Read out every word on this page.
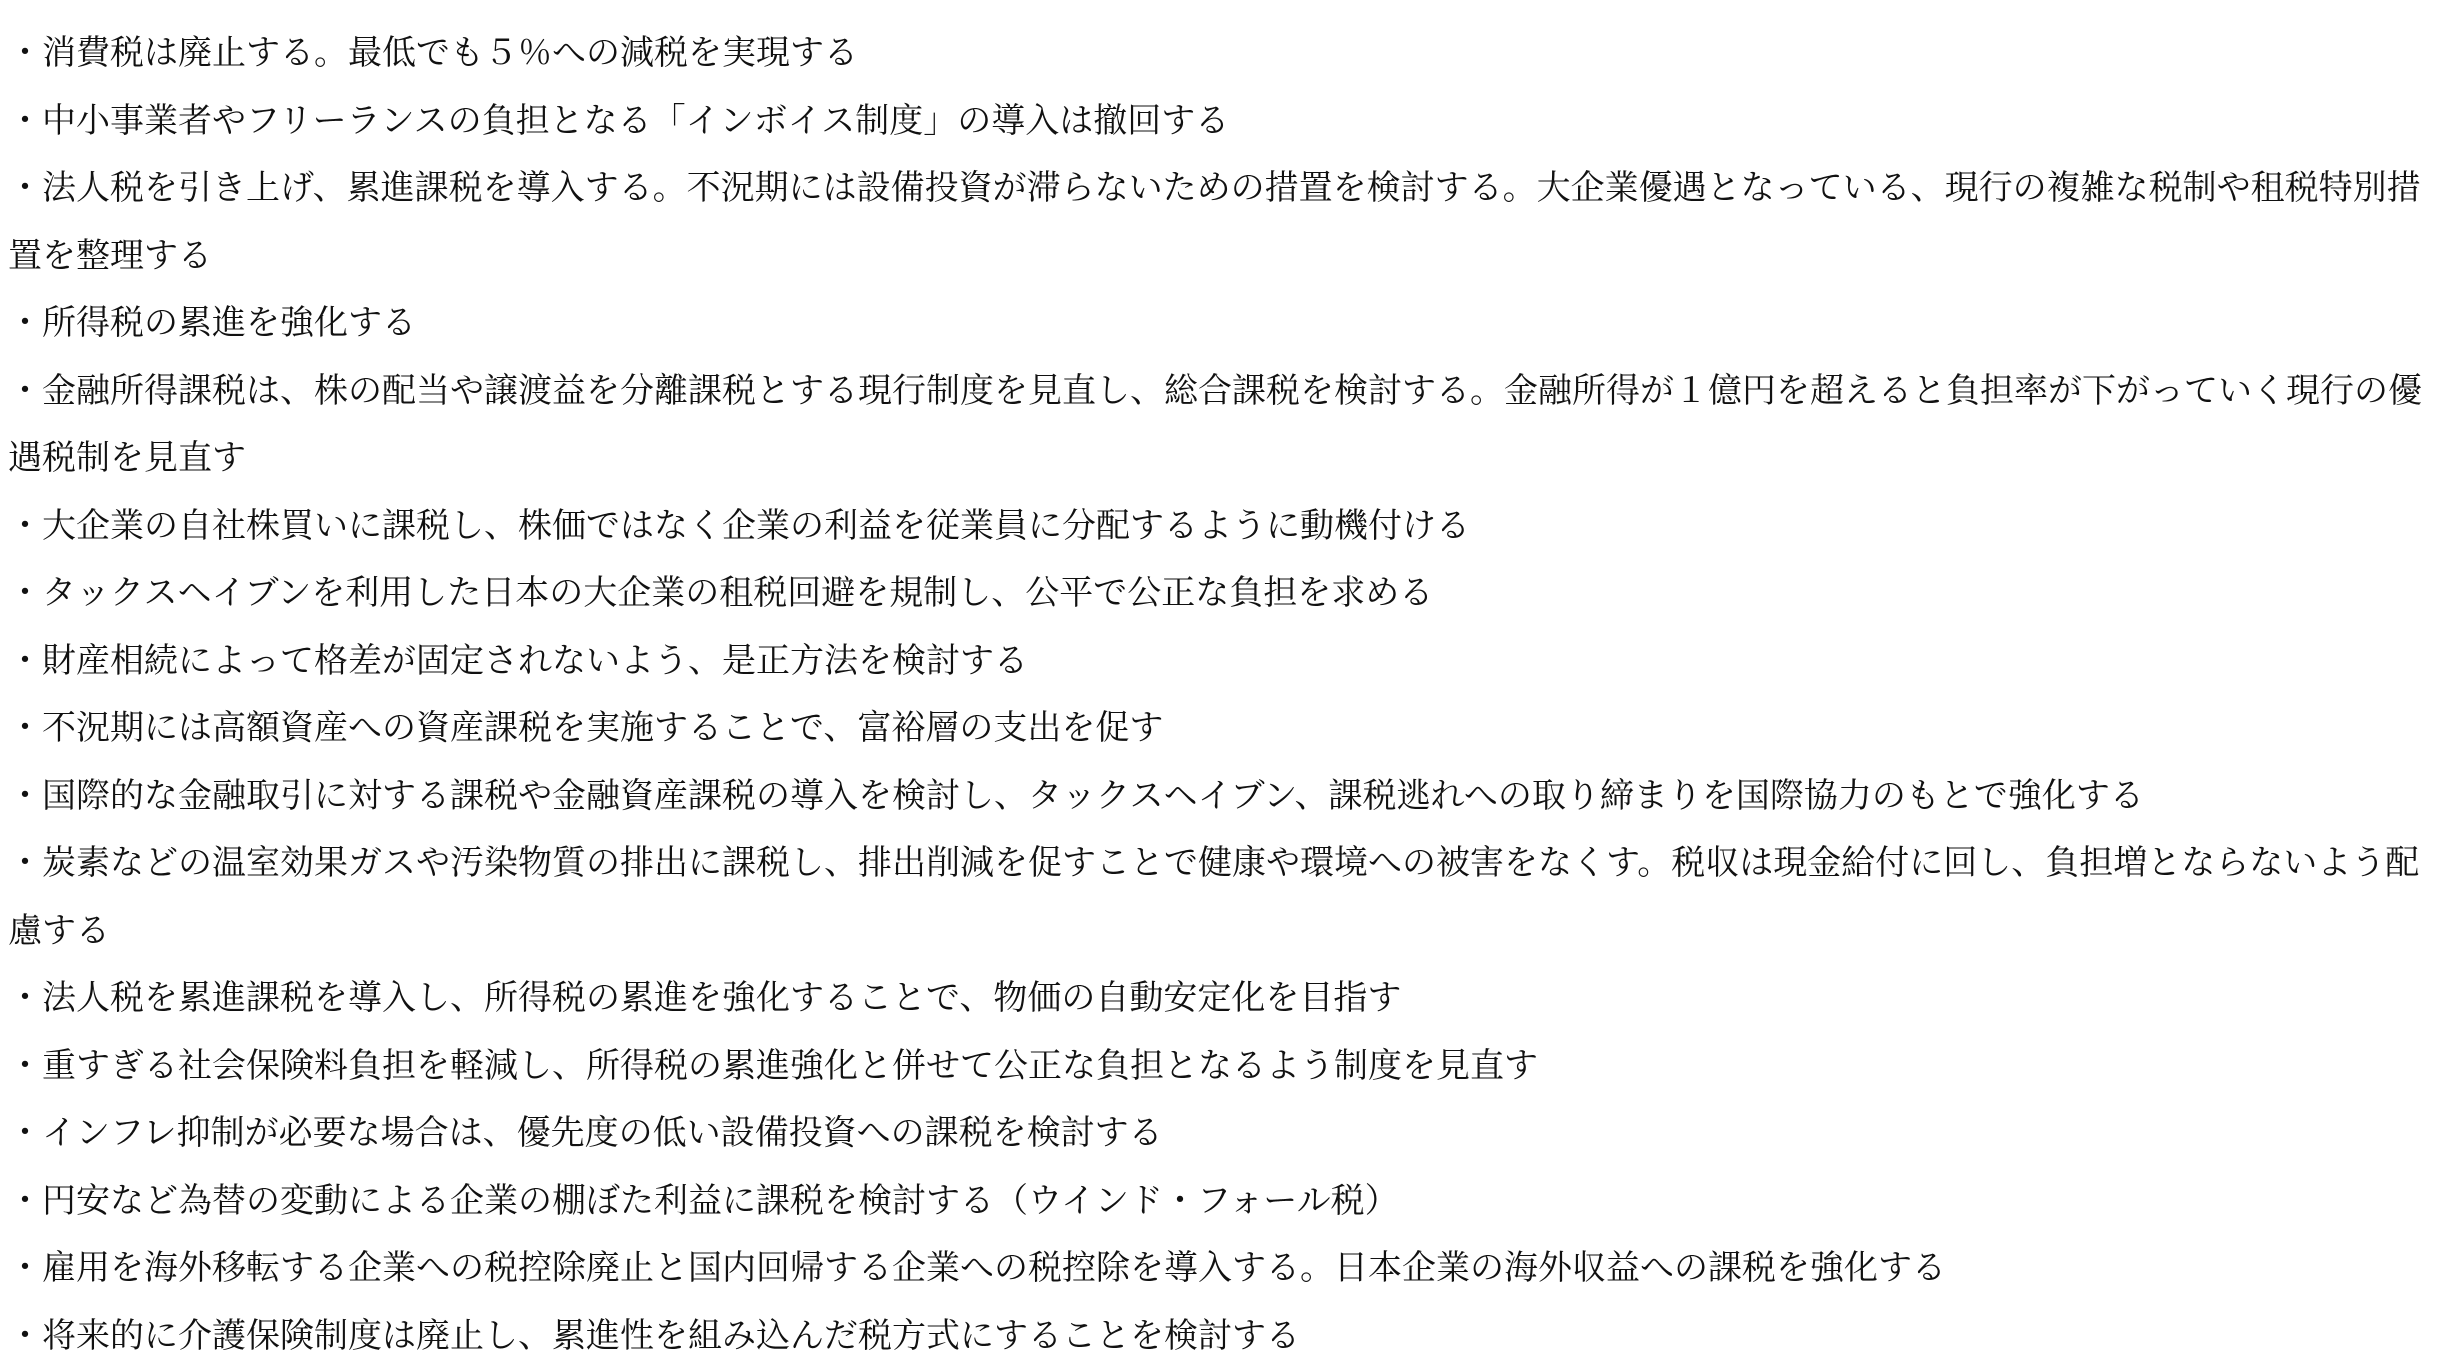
・消費税は廃止する。最低でも５％への減税を実現する

・中小事業者やフリーランスの負担となる「インボイス制度」の導入は撤回する

・法人税を引き上げ、累進課税を導入する。不況期には設備投資が滞らないための措置を検討する。大企業優遇となっている、現行の複雑な税制や租税特別措置を整理する

・所得税の累進を強化する

・金融所得課税は、株の配当や譲渡益を分離課税とする現行制度を見直し、総合課税を検討する。金融所得が１億円を超えると負担率が下がっていく現行の優遇税制を見直す

・大企業の自社株買いに課税し、株価ではなく企業の利益を従業員に分配するように動機付ける

・タックスヘイブンを利用した日本の大企業の租税回避を規制し、公平で公正な負担を求める

・財産相続によって格差が固定されないよう、是正方法を検討する

・不況期には高額資産への資産課税を実施することで、富裕層の支出を促す

・国際的な金融取引に対する課税や金融資産課税の導入を検討し、タックスヘイブン、課税逃れへの取り締まりを国際協力のもとで強化する

・炭素などの温室効果ガスや汚染物質の排出に課税し、排出削減を促すことで健康や環境への被害をなくす。税収は現金給付に回し、負担増とならないよう配慮する

・法人税を累進課税を導入し、所得税の累進を強化することで、物価の自動安定化を目指す

・重すぎる社会保険料負担を軽減し、所得税の累進強化と併せて公正な負担となるよう制度を見直す

・インフレ抑制が必要な場合は、優先度の低い設備投資への課税を検討する

・円安など為替の変動による企業の棚ぼた利益に課税を検討する（ウインド・フォール税）

・雇用を海外移転する企業への税控除廃止と国内回帰する企業への税控除を導入する。日本企業の海外収益への課税を強化する

・将来的に介護保険制度は廃止し、累進性を組み込んだ税方式にすることを検討する
